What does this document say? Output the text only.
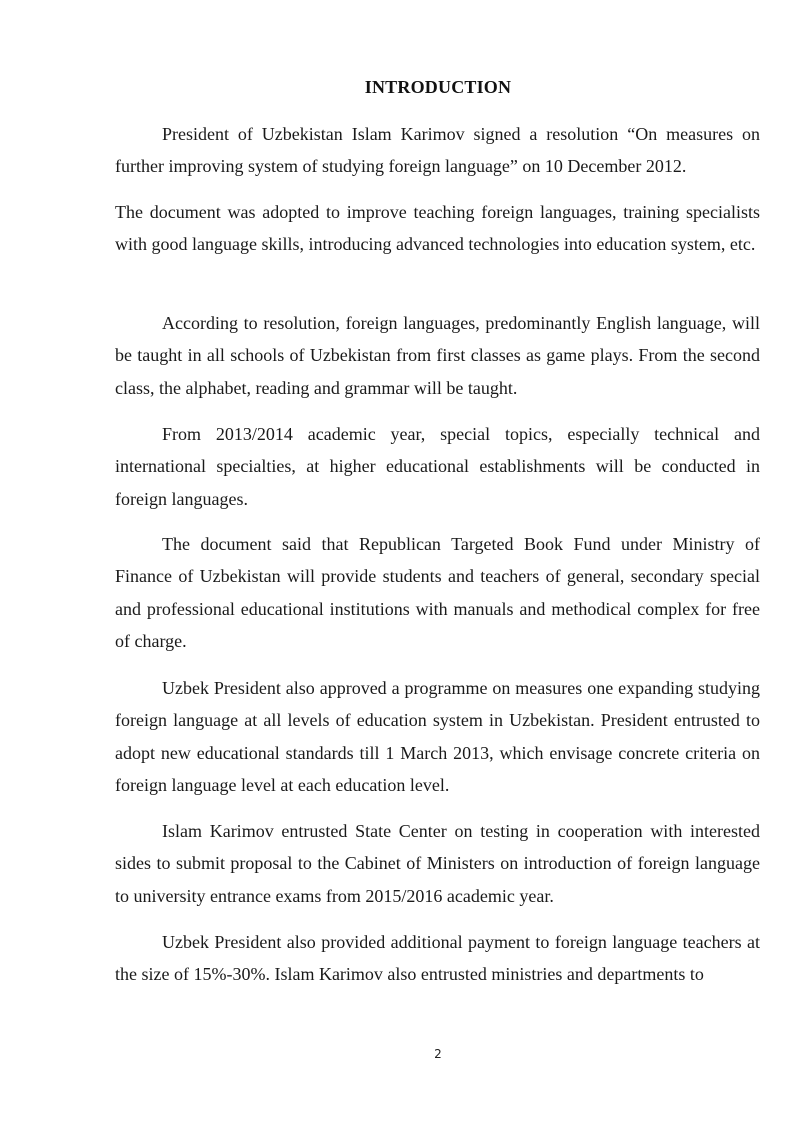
INTRODUCTION

President of Uzbekistan Islam Karimov signed a resolution “On measures on further improving system of studying foreign language” on 10 December 2012.

The document was adopted to improve teaching foreign languages, training specialists with good language skills, introducing advanced technologies into education system, etc.

According to resolution, foreign languages, predominantly English language, will be taught in all schools of Uzbekistan from first classes as game plays. From the second class, the alphabet, reading and grammar will be taught.

From 2013/2014 academic year, special topics, especially technical and international specialties, at higher educational establishments will be conducted in foreign languages.

The document said that Republican Targeted Book Fund under Ministry of Finance of Uzbekistan will provide students and teachers of general, secondary special and professional educational institutions with manuals and methodical complex for free of charge.

Uzbek President also approved a programme on measures one expanding studying foreign language at all levels of education system in Uzbekistan. President entrusted to adopt new educational standards till 1 March 2013, which envisage concrete criteria on foreign language level at each education level.

Islam Karimov entrusted State Center on testing in cooperation with interested sides to submit proposal to the Cabinet of Ministers on introduction of foreign language to university entrance exams from 2015/2016 academic year.

Uzbek President also provided additional payment to foreign language teachers at the size of 15%-30%. Islam Karimov also entrusted ministries and departments to

2
